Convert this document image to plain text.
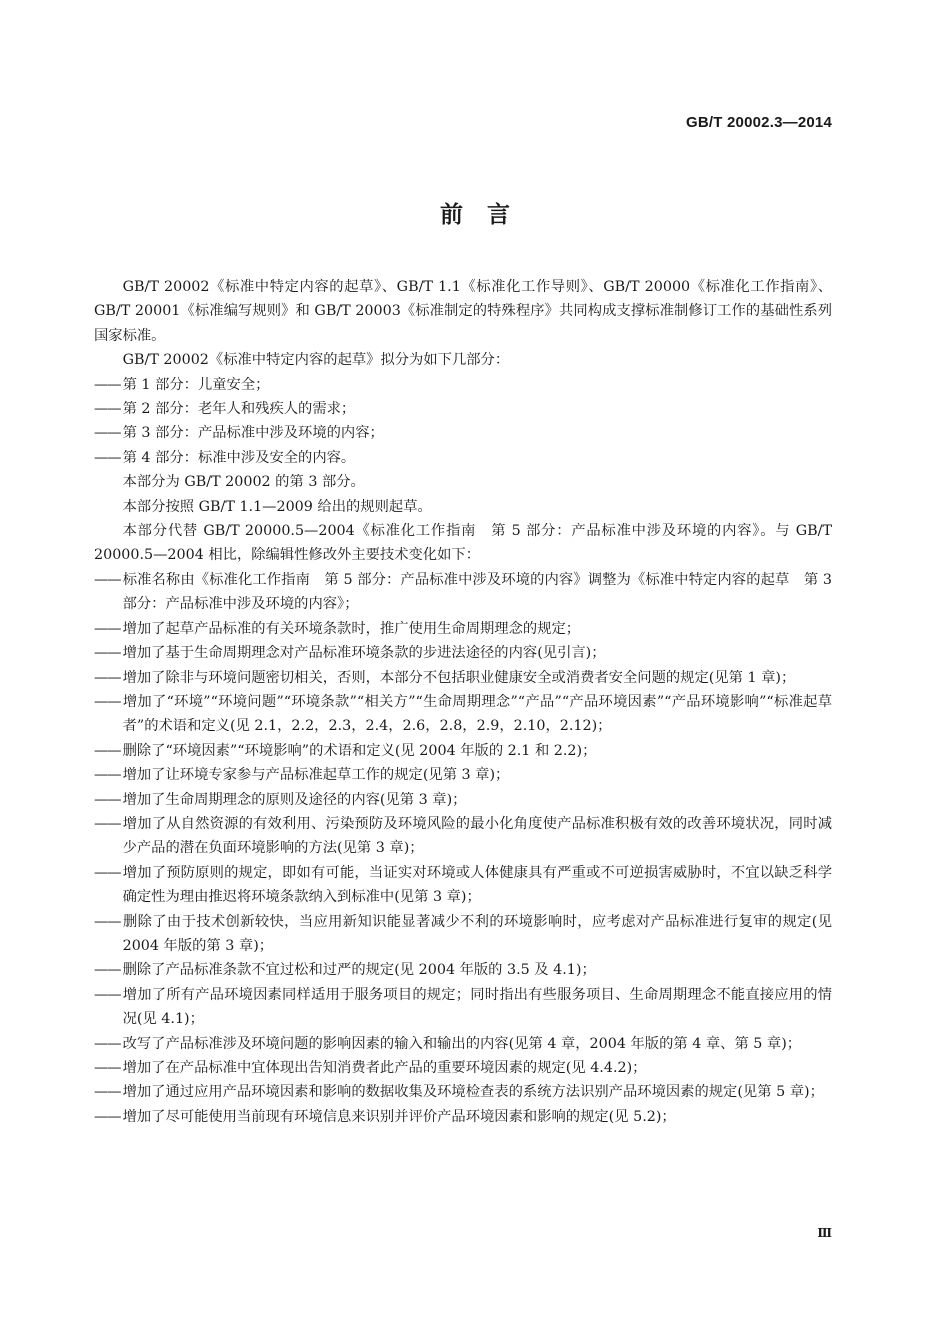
GB/T 20002.3—2014
前言

GB/T 20002《标准中特定内容的起草》、GB/T 1.1《标准化工作导则》、GB/T 20000《标准化工作指南》、GB/T 20001《标准编写规则》和 GB/T 20003《标准制定的特殊程序》共同构成支撑标准制修订工作的基础性系列国家标准。

GB/T 20002《标准中特定内容的起草》拟分为如下几部分：

—— 第 1 部分：儿童安全；

—— 第 2 部分：老年人和残疾人的需求；

—— 第 3 部分：产品标准中涉及环境的内容；

—— 第 4 部分：标准中涉及安全的内容。

本部分为 GB/T 20002 的第 3 部分。

本部分按照 GB/T 1.1—2009 给出的规则起草。

本部分代替 GB/T 20000.5—2004《标准化工作指南　第 5 部分：产品标准中涉及环境的内容》。与 GB/T 20000.5—2004 相比，除编辑性修改外主要技术变化如下：

—— 标准名称由《标准化工作指南　第 5 部分：产品标准中涉及环境的内容》调整为《标准中特定内容的起草　第 3 部分：产品标准中涉及环境的内容》；

—— 增加了起草产品标准的有关环境条款时，推广使用生命周期理念的规定；

—— 增加了基于生命周期理念对产品标准环境条款的步进法途径的内容(见引言)；

—— 增加了除非与环境问题密切相关，否则，本部分不包括职业健康安全或消费者安全问题的规定(见第 1 章)；

—— 增加了“环境”“环境问题”“环境条款”“相关方”“生命周期理念”“产品”“产品环境因素”“产品环境影响”“标准起草者”的术语和定义(见 2.1，2.2，2.3，2.4，2.6，2.8，2.9，2.10，2.12)；

—— 删除了“环境因素”“环境影响”的术语和定义(见 2004 年版的 2.1 和 2.2)；

—— 增加了让环境专家参与产品标准起草工作的规定(见第 3 章)；

—— 增加了生命周期理念的原则及途径的内容(见第 3 章)；

—— 增加了从自然资源的有效利用、污染预防及环境风险的最小化角度使产品标准积极有效的改善环境状况，同时减少产品的潜在负面环境影响的方法(见第 3 章)；

—— 增加了预防原则的规定，即如有可能，当证实对环境或人体健康具有严重或不可逆损害威胁时，不宜以缺乏科学确定性为理由推迟将环境条款纳入到标准中(见第 3 章)；

—— 删除了由于技术创新较快，当应用新知识能显著减少不利的环境影响时，应考虑对产品标准进行复审的规定(见 2004 年版的第 3 章)；

—— 删除了产品标准条款不宜过松和过严的规定(见 2004 年版的 3.5 及 4.1)；

—— 增加了所有产品环境因素同样适用于服务项目的规定；同时指出有些服务项目、生命周期理念不能直接应用的情况(见 4.1)；

—— 改写了产品标准涉及环境问题的影响因素的输入和输出的内容(见第 4 章，2004 年版的第 4 章、第 5 章)；

—— 增加了在产品标准中宜体现出告知消费者此产品的重要环境因素的规定(见 4.4.2)；

—— 增加了通过应用产品环境因素和影响的数据收集及环境检查表的系统方法识别产品环境因素的规定(见第 5 章)；

—— 增加了尽可能使用当前现有环境信息来识别并评价产品环境因素和影响的规定(见 5.2)；

Ⅲ
